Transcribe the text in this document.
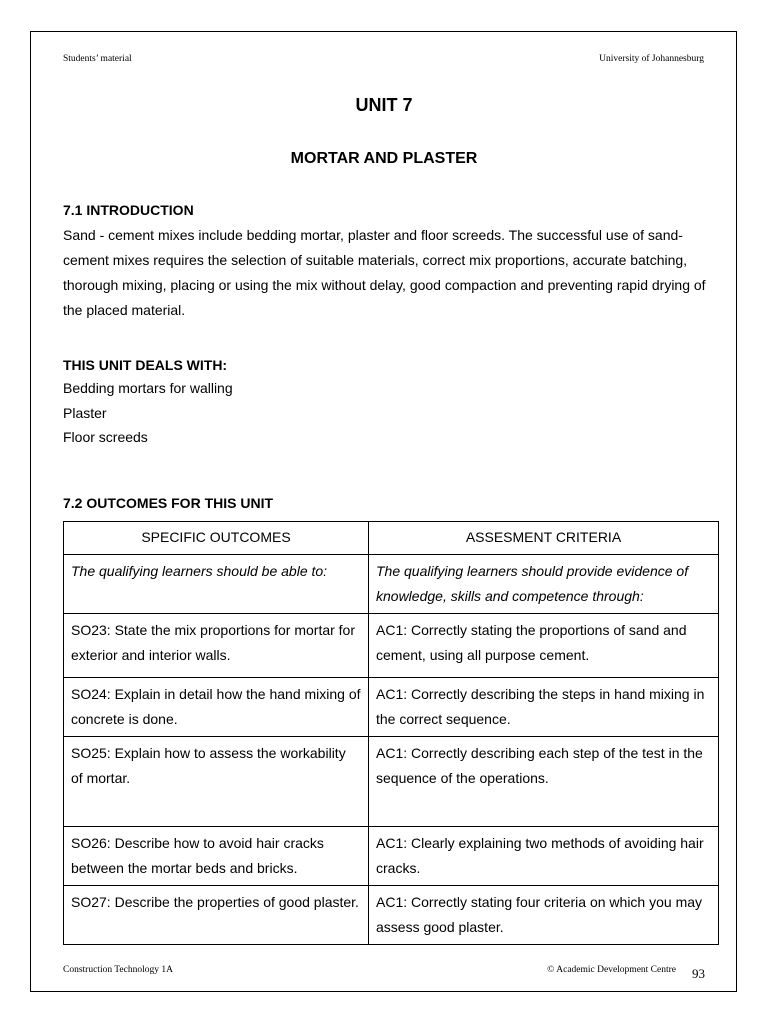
Students’ material	University of Johannesburg
UNIT 7
MORTAR AND PLASTER
7.1 INTRODUCTION
Sand - cement mixes include bedding mortar, plaster and floor screeds. The successful use of sand-
cement mixes requires the selection of suitable materials, correct mix proportions, accurate batching,
thorough mixing, placing or using the mix without delay, good compaction and preventing rapid drying of
the placed material.
THIS UNIT DEALS WITH:
Bedding mortars for walling
Plaster
Floor screeds
7.2 OUTCOMES FOR THIS UNIT
SPECIFIC OUTCOMES	ASSESMENT CRITERIA
The qualifying learners should be able to:	The qualifying learners should provide evidence of knowledge, skills and competence through:
SO23: State the mix proportions for mortar for exterior and interior walls.	AC1: Correctly stating the proportions of sand and cement, using all purpose cement.
SO24: Explain in detail how the hand mixing of concrete is done.	AC1: Correctly describing the steps in hand mixing in the correct sequence.
SO25: Explain how to assess the workability of mortar.	AC1: Correctly describing each step of the test in the sequence of the operations.
SO26: Describe how to avoid hair cracks between the mortar beds and bricks.	AC1: Clearly explaining two methods of avoiding hair cracks.
SO27: Describe the properties of good plaster.	AC1: Correctly stating four criteria on which you may assess good plaster.
Construction Technology 1A	© Academic Development Centre 93
